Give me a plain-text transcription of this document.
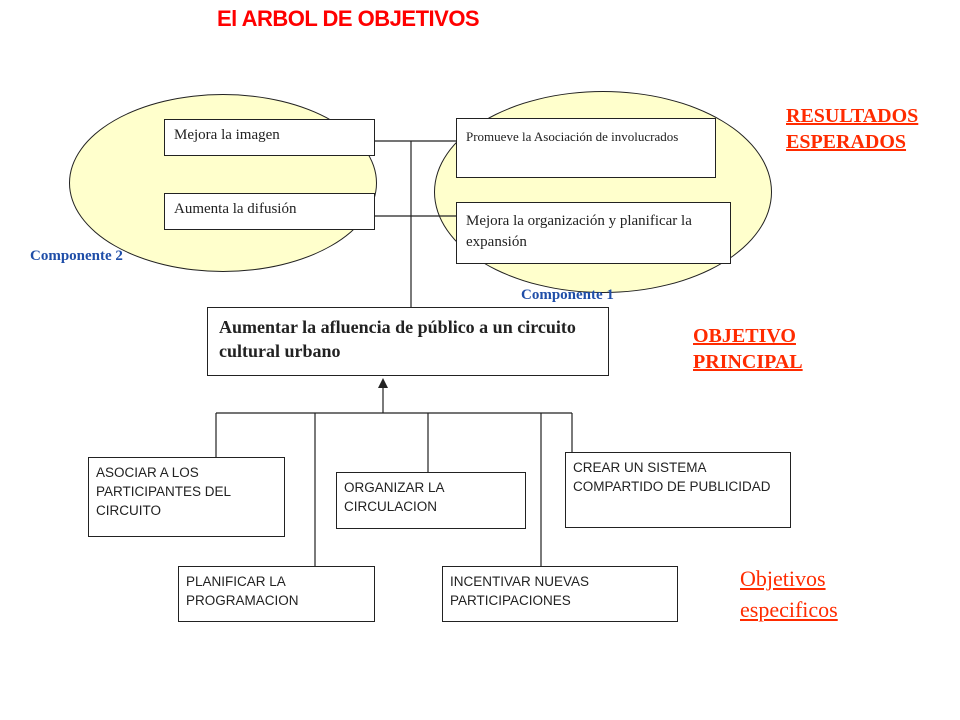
El ARBOL DE OBJETIVOS
Mejora la imagen
Aumenta la difusión
Promueve la Asociación de involucrados
Mejora la organización y planificar la expansión
Componente 2
Componente 1
RESULTADOS
ESPERADOS
Aumentar la afluencia de público a un circuito cultural urbano
OBJETIVO
PRINCIPAL
ASOCIAR A LOS PARTICIPANTES DEL CIRCUITO
ORGANIZAR LA CIRCULACION
CREAR UN SISTEMA COMPARTIDO DE PUBLICIDAD
PLANIFICAR LA PROGRAMACION
INCENTIVAR NUEVAS PARTICIPACIONES
Objetivos
especificos
